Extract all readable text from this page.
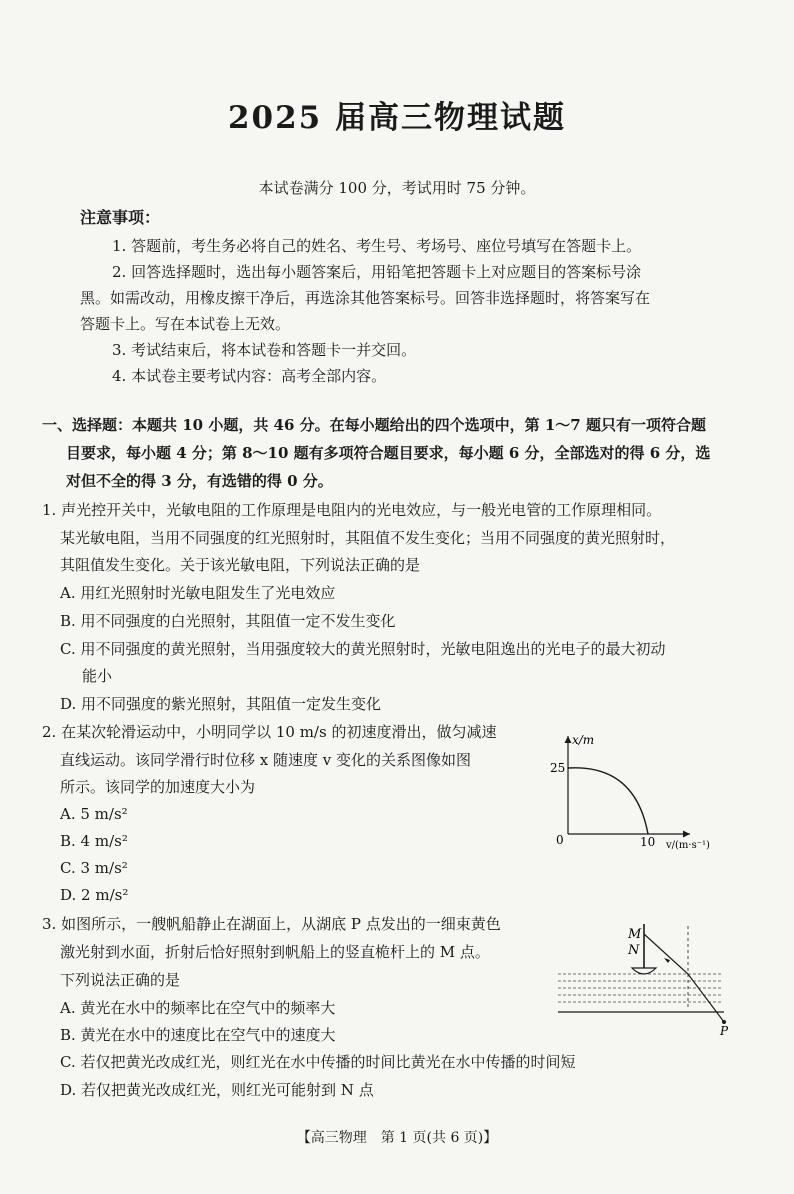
2025 届高三物理试题
本试卷满分 100 分，考试用时 75 分钟。
注意事项：
1. 答题前，考生务必将自己的姓名、考生号、考场号、座位号填写在答题卡上。
2. 回答选择题时，选出每小题答案后，用铅笔把答题卡上对应题目的答案标号涂
黑。如需改动，用橡皮擦干净后，再选涂其他答案标号。回答非选择题时，将答案写在
答题卡上。写在本试卷上无效。
3. 考试结束后，将本试卷和答题卡一并交回。
4. 本试卷主要考试内容：高考全部内容。
一、选择题：本题共 10 小题，共 46 分。在每小题给出的四个选项中，第 1～7 题只有一项符合题
目要求，每小题 4 分；第 8～10 题有多项符合题目要求，每小题 6 分，全部选对的得 6 分，选
对但不全的得 3 分，有选错的得 0 分。
1. 声光控开关中，光敏电阻的工作原理是电阻内的光电效应，与一般光电管的工作原理相同。
某光敏电阻，当用不同强度的红光照射时，其阻值不发生变化；当用不同强度的黄光照射时，
其阻值发生变化。关于该光敏电阻，下列说法正确的是
A. 用红光照射时光敏电阻发生了光电效应
B. 用不同强度的白光照射，其阻值一定不发生变化
C. 用不同强度的黄光照射，当用强度较大的黄光照射时，光敏电阻逸出的光电子的最大初动
能小
D. 用不同强度的紫光照射，其阻值一定发生变化
2. 在某次轮滑运动中，小明同学以 10 m/s 的初速度滑出，做匀减速
直线运动。该同学滑行时位移 x 随速度 v 变化的关系图像如图
所示。该同学的加速度大小为
A. 5 m/s²
B. 4 m/s²
C. 3 m/s²
D. 2 m/s²
x/m
25
0	10 v/(m·s⁻¹)
3. 如图所示，一艘帆船静止在湖面上，从湖底 P 点发出的一细束黄色
激光射到水面，折射后恰好照射到帆船上的竖直桅杆上的 M 点。
下列说法正确的是
A. 黄光在水中的频率比在空气中的频率大
B. 黄光在水中的速度比在空气中的速度大
C. 若仅把黄光改成红光，则红光在水中传播的时间比黄光在水中传播的时间短
D. 若仅把黄光改成红光，则红光可能射到 N 点
M
N
P
【高三物理　第 1 页(共 6 页)】
